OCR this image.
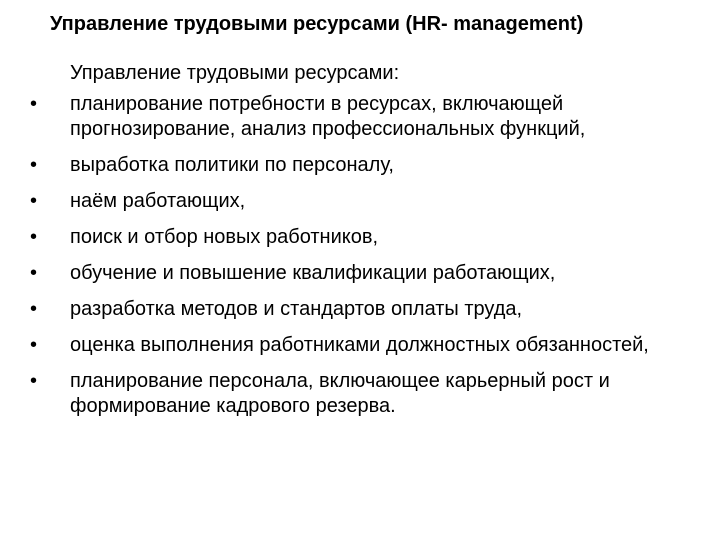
Управление трудовыми ресурсами (HR- management)

Управление трудовыми ресурсами:

• планирование потребности в ресурсах, включающей прогнозирование, анализ профессиональных функций,
• выработка политики по персоналу,
• наём работающих,
• поиск и отбор новых работников,
• обучение и повышение квалификации работающих,
• разработка методов и стандартов оплаты труда,
• оценка выполнения работниками должностных обязанностей,
• планирование персонала, включающее карьерный рост и формирование кадрового резерва.
